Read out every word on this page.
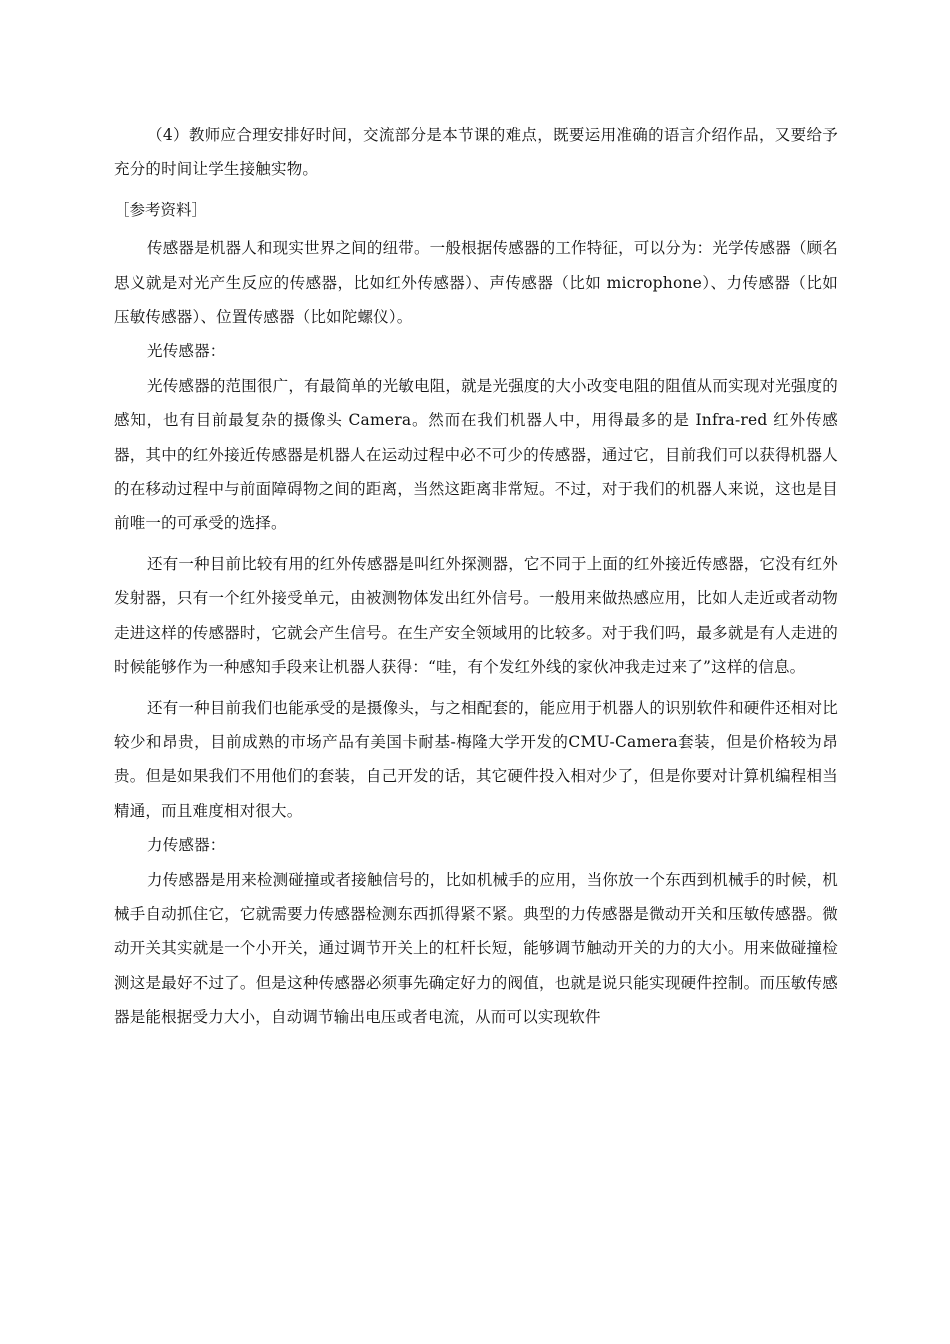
（4）教师应合理安排好时间，交流部分是本节课的难点，既要运用准确的语言介绍作品，又要给予充分的时间让学生接触实物。

［参考资料］

传感器是机器人和现实世界之间的纽带。一般根据传感器的工作特征，可以分为：光学传感器（顾名思义就是对光产生反应的传感器，比如红外传感器）、声传感器（比如 microphone）、力传感器（比如压敏传感器）、位置传感器（比如陀螺仪）。

光传感器：

光传感器的范围很广，有最简单的光敏电阻，就是光强度的大小改变电阻的阻值从而实现对光强度的感知，也有目前最复杂的摄像头 Camera。然而在我们机器人中，用得最多的是 Infra-red 红外传感器，其中的红外接近传感器是机器人在运动过程中必不可少的传感器，通过它，目前我们可以获得机器人的在移动过程中与前面障碍物之间的距离，当然这距离非常短。不过，对于我们的机器人来说，这也是目前唯一的可承受的选择。

还有一种目前比较有用的红外传感器是叫红外探测器，它不同于上面的红外接近传感器，它没有红外发射器，只有一个红外接受单元，由被测物体发出红外信号。一般用来做热感应用，比如人走近或者动物走进这样的传感器时，它就会产生信号。在生产安全领域用的比较多。对于我们吗，最多就是有人走进的时候能够作为一种感知手段来让机器人获得：“哇，有个发红外线的家伙冲我走过来了”这样的信息。

还有一种目前我们也能承受的是摄像头，与之相配套的，能应用于机器人的识别软件和硬件还相对比较少和昂贵，目前成熟的市场产品有美国卡耐基-梅隆大学开发的CMU-Camera套装，但是价格较为昂贵。但是如果我们不用他们的套装，自己开发的话，其它硬件投入相对少了，但是你要对计算机编程相当精通，而且难度相对很大。

力传感器：

力传感器是用来检测碰撞或者接触信号的，比如机械手的应用，当你放一个东西到机械手的时候，机械手自动抓住它，它就需要力传感器检测东西抓得紧不紧。典型的力传感器是微动开关和压敏传感器。微动开关其实就是一个小开关，通过调节开关上的杠杆长短，能够调节触动开关的力的大小。用来做碰撞检测这是最好不过了。但是这种传感器必须事先确定好力的阀值，也就是说只能实现硬件控制。而压敏传感器是能根据受力大小，自动调节输出电压或者电流，从而可以实现软件
